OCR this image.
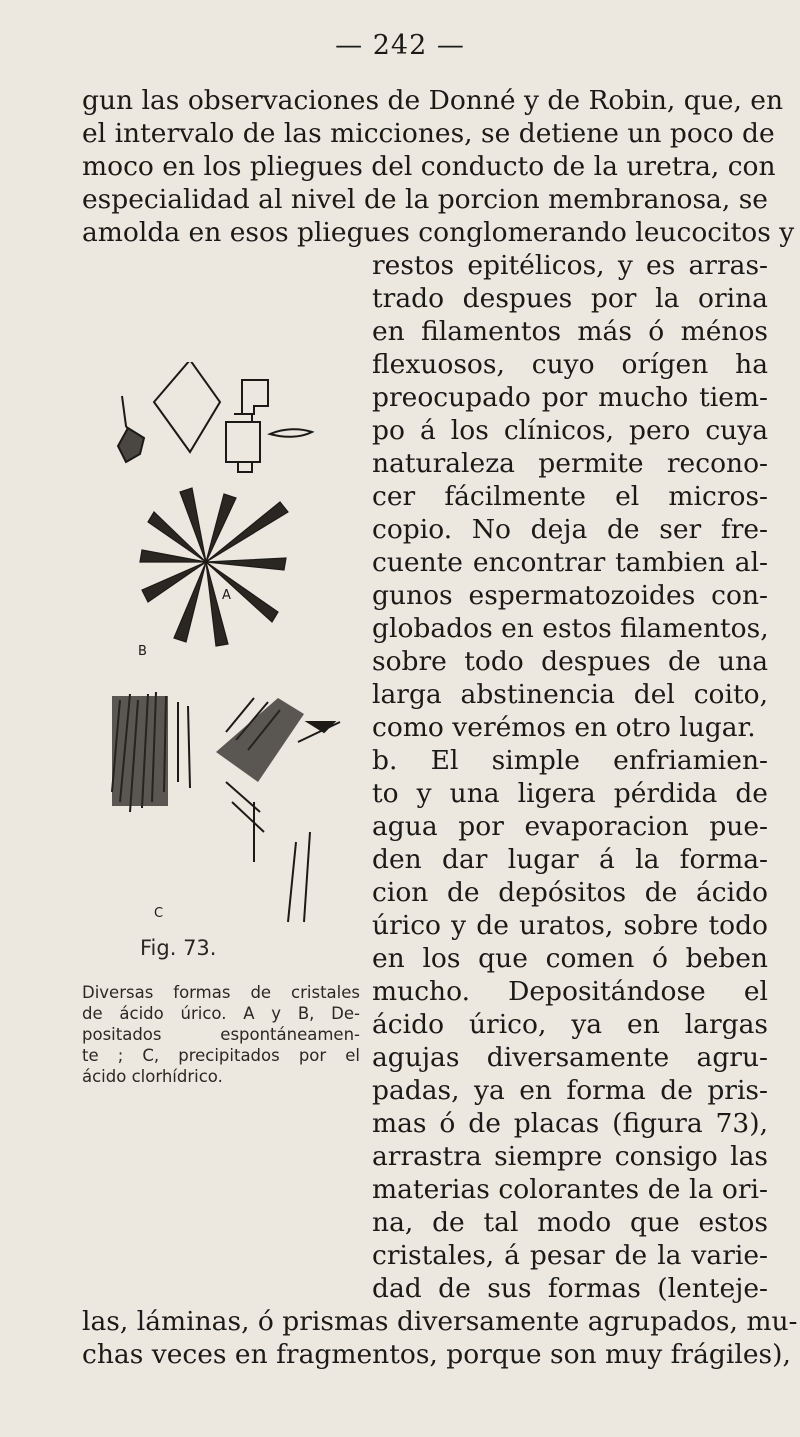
— 242 —
gun las observaciones de Donné y de Robin, que, en
el intervalo de las micciones, se detiene un poco de
moco en los pliegues del conducto de la uretra, con
especialidad al nivel de la porcion membranosa, se
amolda en esos pliegues conglomerando leucocitos y
restos epitélicos, y es arras-
trado despues por la orina
en filamentos más ó ménos
flexuosos, cuyo orígen ha
preocupado por mucho tiem-
po á los clínicos, pero cuya
naturaleza permite recono-
cer fácilmente el micros-
copio. No deja de ser fre-
cuente encontrar tambien al-
gunos espermatozoides con-
globados en estos filamentos,
sobre todo despues de una
larga abstinencia del coito,
como verémos en otro lugar.
b. El simple enfriamien-
to y una ligera pérdida de
agua por evaporacion pue-
den dar lugar á la forma-
cion de depósitos de ácido
úrico y de uratos, sobre todo
en los que comen ó beben
mucho. Depositándose el
ácido úrico, ya en largas
agujas diversamente agru-
padas, ya en forma de pris-
mas ó de placas (figura 73),
arrastra siempre consigo las
materias colorantes de la ori-
na, de tal modo que estos
cristales, á pesar de la varie-
dad de sus formas (lenteje-
las, láminas, ó prismas diversamente agrupados, mu-
chas veces en fragmentos, porque son muy frágiles),
A
B
C
Fig. 73.
Diversas formas de cristales
de ácido úrico. A y B, De-
positados espontáneamen-
te ; C, precipitados por el
ácido clorhídrico.
